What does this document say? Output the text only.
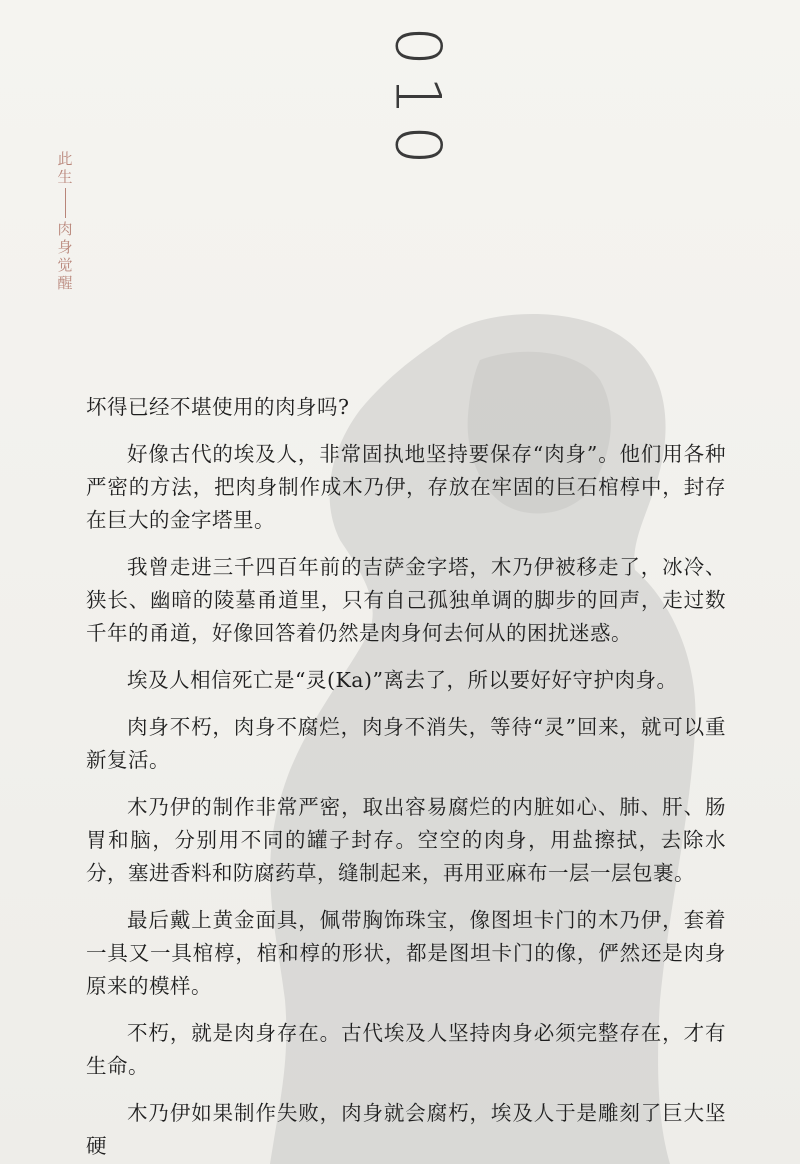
010
此生
肉身觉醒

坏得已经不堪使用的肉身吗?

好像古代的埃及人，非常固执地坚持要保存“肉身”。他们用各种严密的方法，把肉身制作成木乃伊，存放在牢固的巨石棺椁中，封存在巨大的金字塔里。

我曾走进三千四百年前的吉萨金字塔，木乃伊被移走了，冰冷、狭长、幽暗的陵墓甬道里，只有自己孤独单调的脚步的回声，走过数千年的甬道，好像回答着仍然是肉身何去何从的困扰迷惑。

埃及人相信死亡是“灵(Ka)”离去了，所以要好好守护肉身。

肉身不朽，肉身不腐烂，肉身不消失，等待“灵”回来，就可以重新复活。

木乃伊的制作非常严密，取出容易腐烂的内脏如心、肺、肝、肠胃和脑，分别用不同的罐子封存。空空的肉身，用盐擦拭，去除水分，塞进香料和防腐药草，缝制起来，再用亚麻布一层一层包裹。

最后戴上黄金面具，佩带胸饰珠宝，像图坦卡门的木乃伊，套着一具又一具棺椁，棺和椁的形状，都是图坦卡门的像，俨然还是肉身原来的模样。

不朽，就是肉身存在。古代埃及人坚持肉身必须完整存在，才有生命。

木乃伊如果制作失败，肉身就会腐朽，埃及人于是雕刻了巨大坚硬
